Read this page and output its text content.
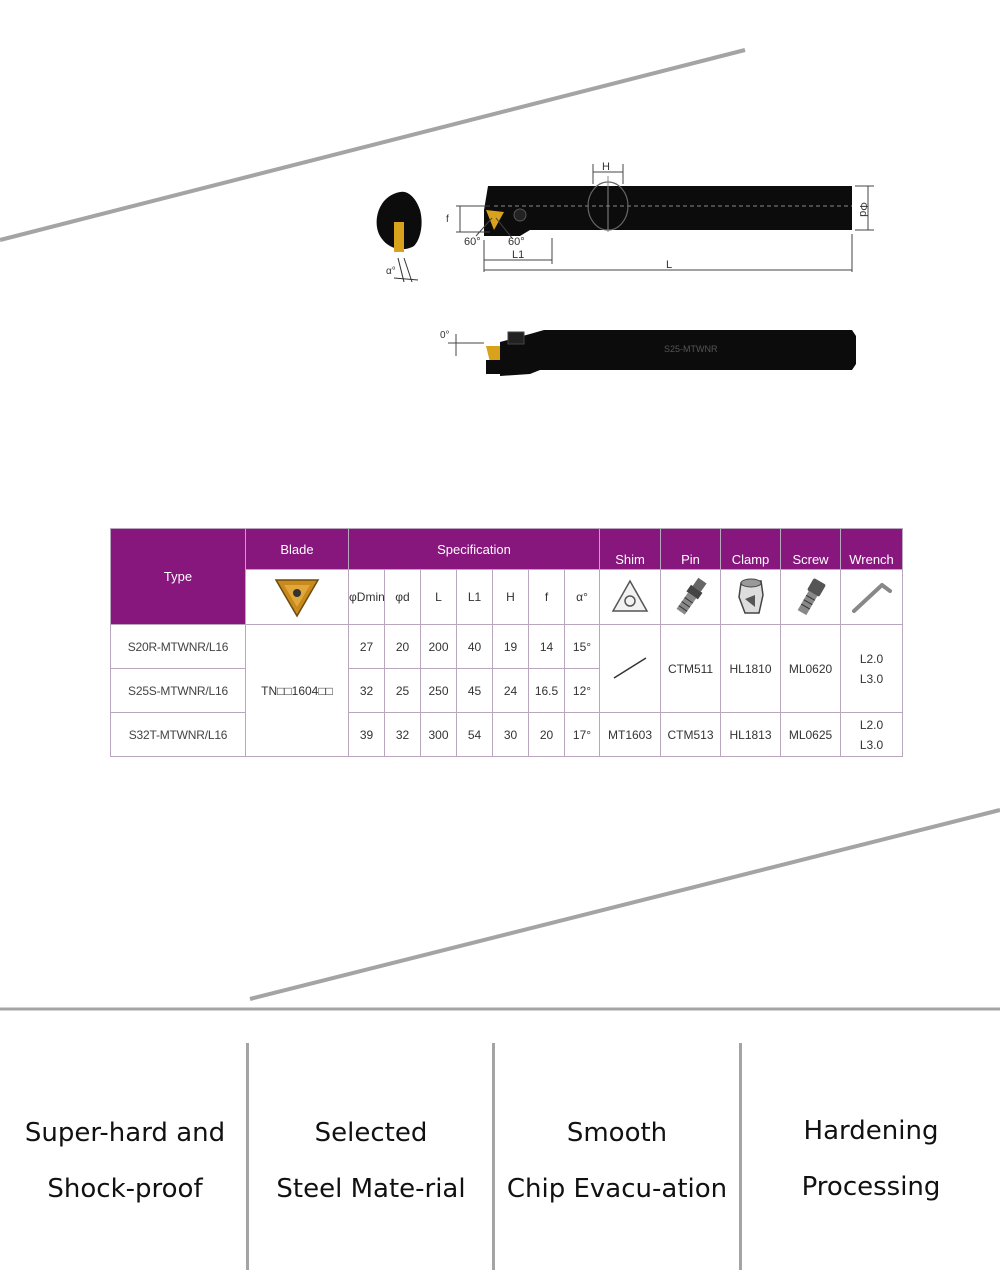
α°
H
Φd
f
60° 60°
L1
L
S25-MTWNR
0°
Type	Blade	Specification							Shim	Pin	Clamp	Screw	Wrench

	φDmin	φd	L	L1	H	f	α°	

S20R-MTWNR/L16	TN□□1604□□	27	20	200	40	19	14	15°		CTM511	HL1810	ML0620	L2.0
L3.0

S25S-MTWNR/L16		32	25	250	45	24	16.5	12°					
S32T-MTWNR/L16		39	32	300	54	30	20	17°	MT1603	CTM513	HL1813	ML0625	L2.0
L3.0
Super-hard and
Shock-proof
Selected
Steel Mate-rial
Smooth
Chip Evacu-ation
Hardening
Processing
